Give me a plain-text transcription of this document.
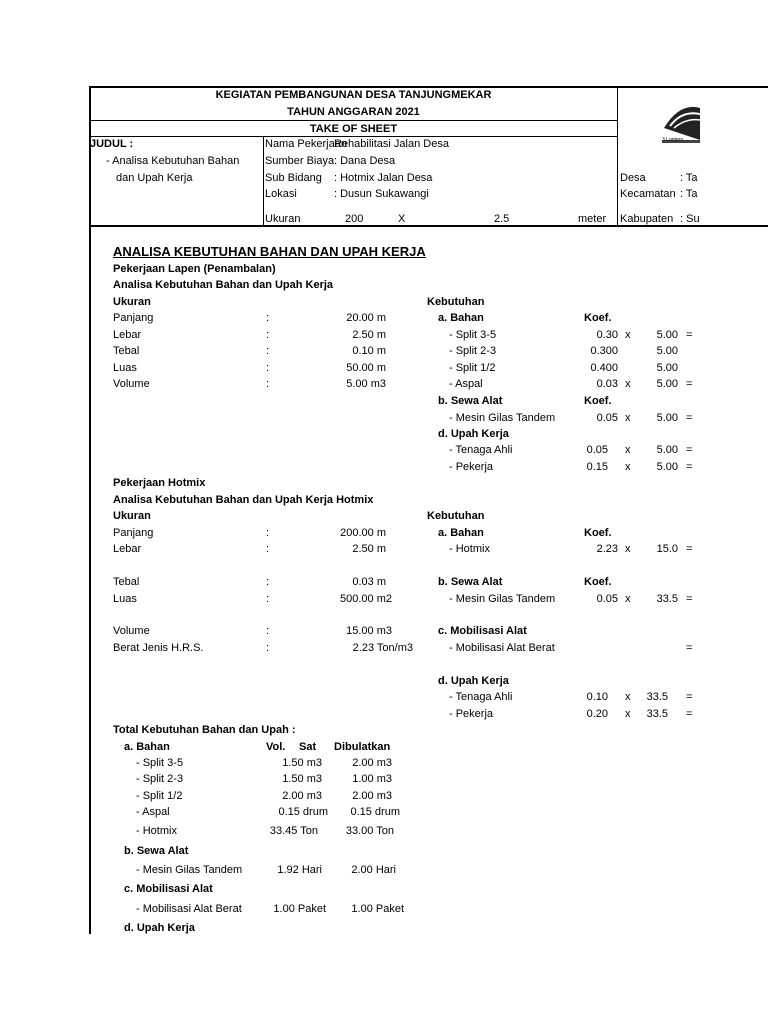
KEGIATAN PEMBANGUNAN DESA TANJUNGMEKAR
TAHUN ANGGARAN 2021
TAKE OF SHEET
3 Lantern…
JUDUL :
- Analisa Kebutuhan Bahan
dan Upah Kerja
Nama Pekerjaan
Rehabilitasi Jalan Desa
Sumber Biaya : Dana Desa
Sub Bidang : Hotmix Jalan Desa
Lokasi	: Dusun Sukawangi
Ukuran	200	X	2.5	meter
Desa	: Ta
Kecamatan : Ta
Kabupaten : Su
ANALISA KEBUTUHAN BAHAN DAN UPAH KERJA
Pekerjaan Lapen (Penambalan)
Analisa Kebutuhan Bahan dan Upah Kerja
Ukuran
Panjang	:	20.00 m
Lebar	:	2.50 m
Tebal	:	0.10 m
Luas	:	50.00 m
Volume	:	5.00 m3
Kebutuhan
a. Bahan	Koef.
- Split 3-5	0.30 x	5.00 =
- Split 2-3	0.300	5.00
- Split 1/2	0.400	5.00
- Aspal	0.03 x	5.00 =
b. Sewa Alat	Koef.
- Mesin Gilas Tandem	0.05 x	5.00 =
d. Upah Kerja
- Tenaga Ahli	0.05 x	5.00 =
- Pekerja	0.15 x	5.00 =
Pekerjaan Hotmix
Analisa Kebutuhan Bahan dan Upah Kerja Hotmix
Ukuran
Panjang	:	200.00 m
Lebar	:	2.50 m
Tebal	:	0.03 m
Luas	:	500.00 m2
Volume	:	15.00 m3
Berat Jenis H.R.S.	:	2.23 Ton/m3
Kebutuhan
a. Bahan	Koef.
- Hotmix	2.23 x	15.0 =
b. Sewa Alat	Koef.
- Mesin Gilas Tandem	0.05 x	33.5 =
c. Mobilisasi Alat
- Mobilisasi Alat Berat	=
d. Upah Kerja
- Tenaga Ahli	0.10 x	33.5 =
- Pekerja	0.20 x	33.5 =
Total Kebutuhan Bahan dan Upah :
a. Bahan	Vol. Sat Dibulatkan
- Split 3-5	1.50 m3	2.00 m3
- Split 2-3	1.50 m3	1.00 m3
- Split 1/2	2.00 m3	2.00 m3
- Aspal	0.15 drum	0.15 drum
- Hotmix	33.45 Ton	33.00 Ton
b. Sewa Alat
- Mesin Gilas Tandem	1.92 Hari	2.00 Hari
c. Mobilisasi Alat
- Mobilisasi Alat Berat	1.00 Paket	1.00 Paket
d. Upah Kerja
